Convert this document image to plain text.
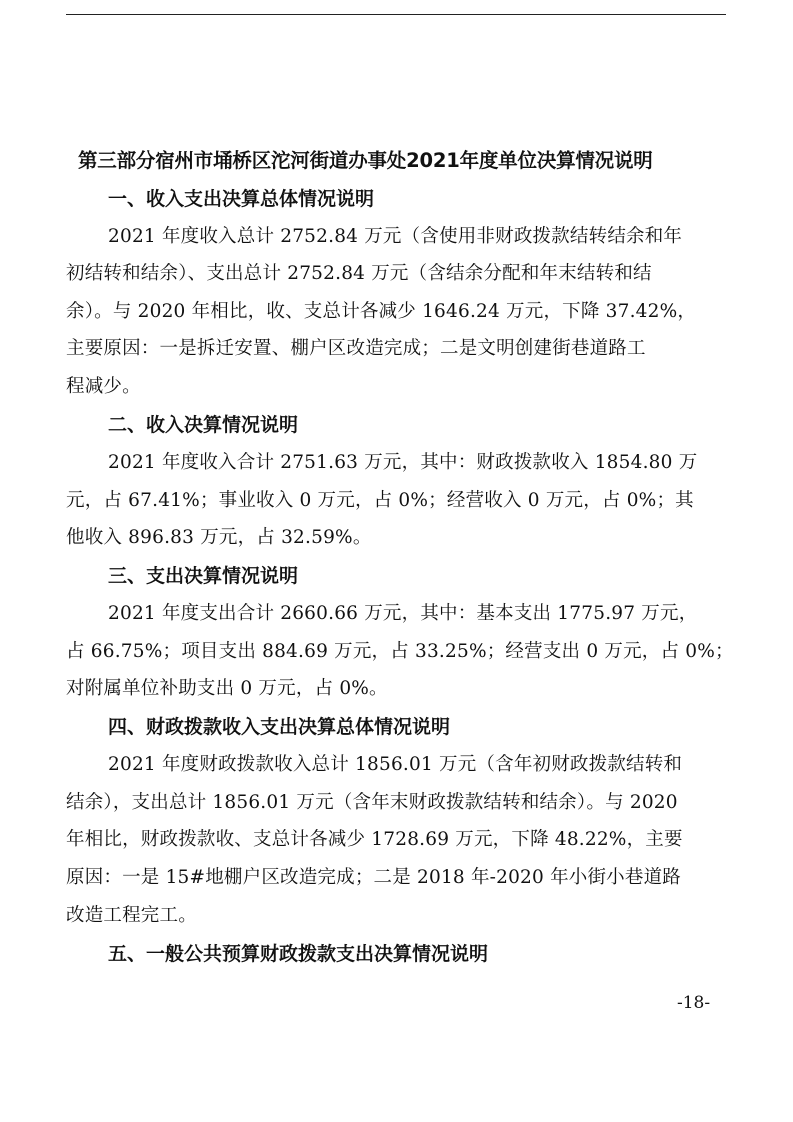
第三部分宿州市埇桥区沱河街道办事处2021年度单位决算情况说明
一、收入支出决算总体情况说明
2021 年度收入总计 2752.84 万元（含使用非财政拨款结转结余和年
初结转和结余）、支出总计 2752.84 万元（含结余分配和年末结转和结
余）。与 2020 年相比，收、支总计各减少 1646.24 万元，下降 37.42%，
主要原因：一是拆迁安置、棚户区改造完成；二是文明创建街巷道路工
程减少。
二、收入决算情况说明
2021 年度收入合计 2751.63 万元，其中：财政拨款收入 1854.80 万
元，占 67.41%；事业收入 0 万元，占 0%；经营收入 0 万元，占 0%；其
他收入 896.83 万元，占 32.59%。
三、支出决算情况说明
2021 年度支出合计 2660.66 万元，其中：基本支出 1775.97 万元，
占 66.75%；项目支出 884.69 万元，占 33.25%；经营支出 0 万元，占 0%；
对附属单位补助支出 0 万元，占 0%。
四、财政拨款收入支出决算总体情况说明
2021 年度财政拨款收入总计 1856.01 万元（含年初财政拨款结转和
结余），支出总计 1856.01 万元（含年末财政拨款结转和结余）。与 2020
年相比，财政拨款收、支总计各减少 1728.69 万元，下降 48.22%，主要
原因：一是 15#地棚户区改造完成；二是 2018 年-2020 年小街小巷道路
改造工程完工。
五、一般公共预算财政拨款支出决算情况说明
-18-
